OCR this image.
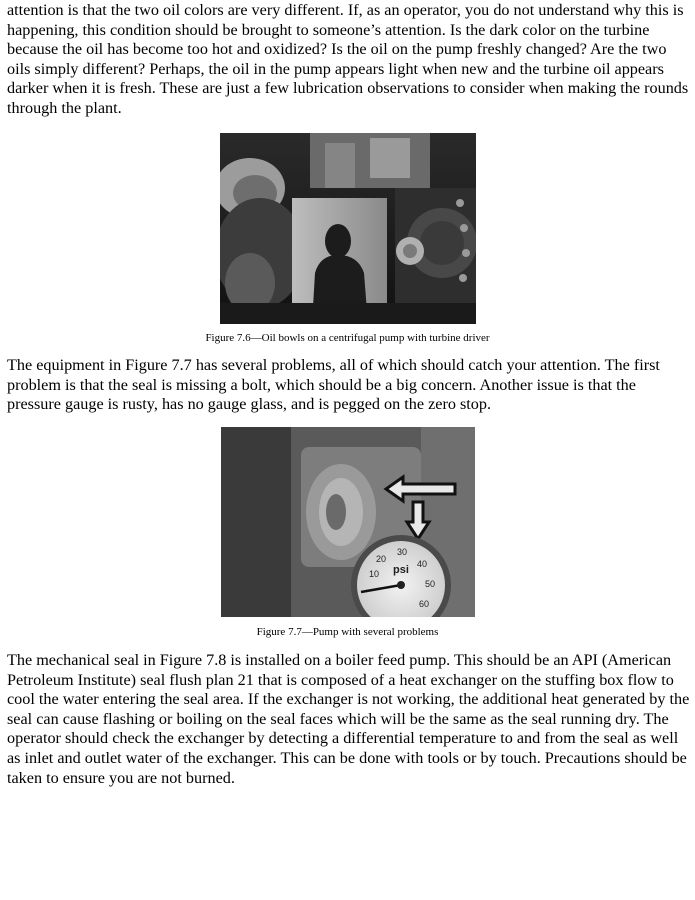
attention is that the two oil colors are very different. If, as an operator, you do not understand why this is happening, this condition should be brought to someone’s attention. Is the dark color on the turbine because the oil has become too hot and oxidized? Is the oil on the pump freshly changed? Are the two oils simply different? Perhaps, the oil in the pump appears light when new and the turbine oil appears darker when it is fresh. These are just a few lubrication observations to consider when making the rounds through the plant.

Figure 7.6—Oil bowls on a centrifugal pump with turbine driver

The equipment in Figure 7.7 has several problems, all of which should catch your attention. The first problem is that the seal is missing a bolt, which should be a big concern. Another issue is that the pressure gauge is rusty, has no gauge glass, and is pegged on the zero stop.

10
20
30
40
50
60
psi
Figure 7.7—Pump with several problems

The mechanical seal in Figure 7.8 is installed on a boiler feed pump. This should be an API (American Petroleum Institute) seal flush plan 21 that is composed of a heat exchanger on the stuffing box flow to cool the water entering the seal area. If the exchanger is not working, the additional heat generated by the seal can cause flashing or boiling on the seal faces which will be the same as the seal running dry. The operator should check the exchanger by detecting a differential temperature to and from the seal as well as inlet and outlet water of the exchanger. This can be done with tools or by touch. Precautions should be taken to ensure you are not burned.
